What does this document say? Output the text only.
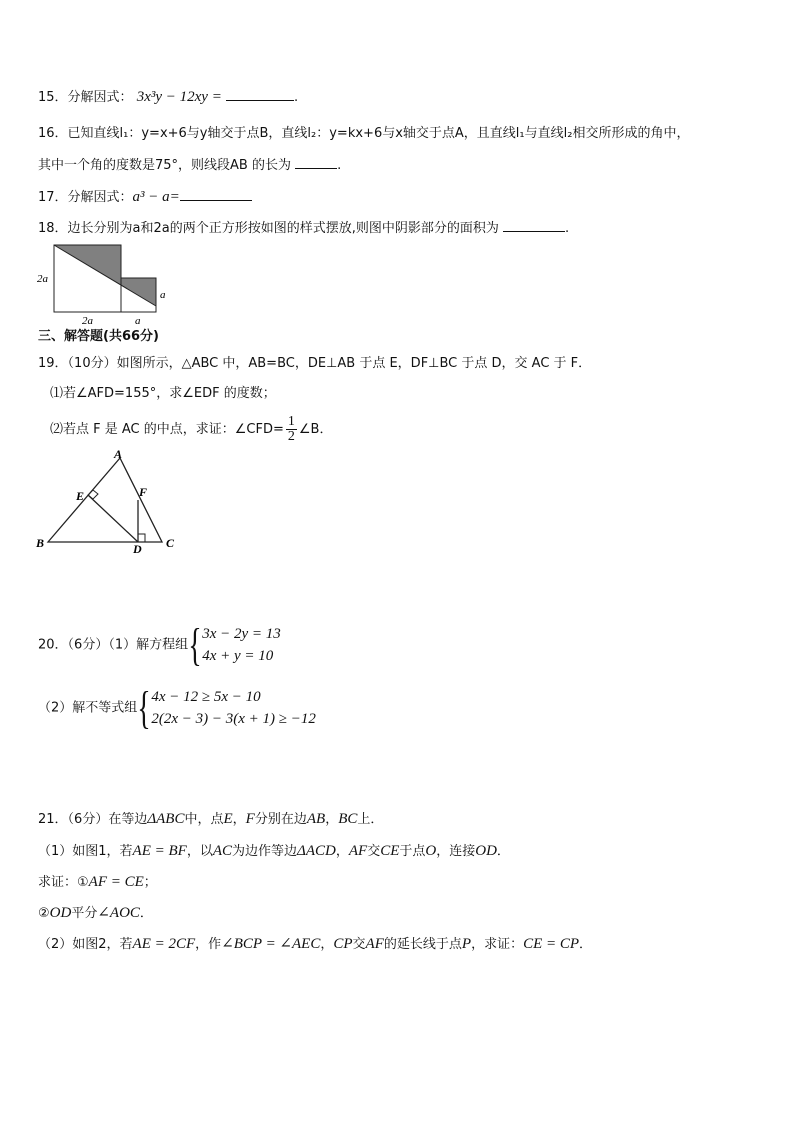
15．分解因式： 3x³y − 12xy =	.
16．已知直线l₁：y=x+6与y轴交于点B，直线l₂：y=kx+6与x轴交于点A，且直线l₁与直线l₂相交所形成的角中，
其中一个角的度数是75°，则线段AB 的长为	.
17．分解因式：a³ − a=
18．边长分别为a和2a的两个正方形按如图的样式摆放,则图中阴影部分的面积为	.
2a
2a	a
a
三、解答题(共66分)
19．（10分）如图所示，△ABC 中，AB=BC，DE⊥AB 于点 E，DF⊥BC 于点 D，交 AC 于 F．
⑴若∠AFD=155°，求∠EDF 的度数；
⑵若点 F 是 AC 的中点，求证：∠CFD= $\frac{1}{2}$ ∠B．
A
B	C
D
E	F
20．（6分）（1）解方程组{ 3x − 2y = 13
4x + y = 10
（2）解不等式组{ 4x − 12 ≥ 5x − 10
2(2x − 3) − 3(x + 1) ≥ −12
21．（6分）在等边ΔABC中，点E，F分别在边AB，BC上．
（1）如图1，若AE = BF，以AC为边作等边ΔACD，AF交CE于点O，连接OD．
求证：①AF = CE；
②OD平分∠AOC．
（2）如图2，若AE = 2CF，作∠BCP = ∠AEC，CP交AF的延长线于点P，求证：CE = CP．
